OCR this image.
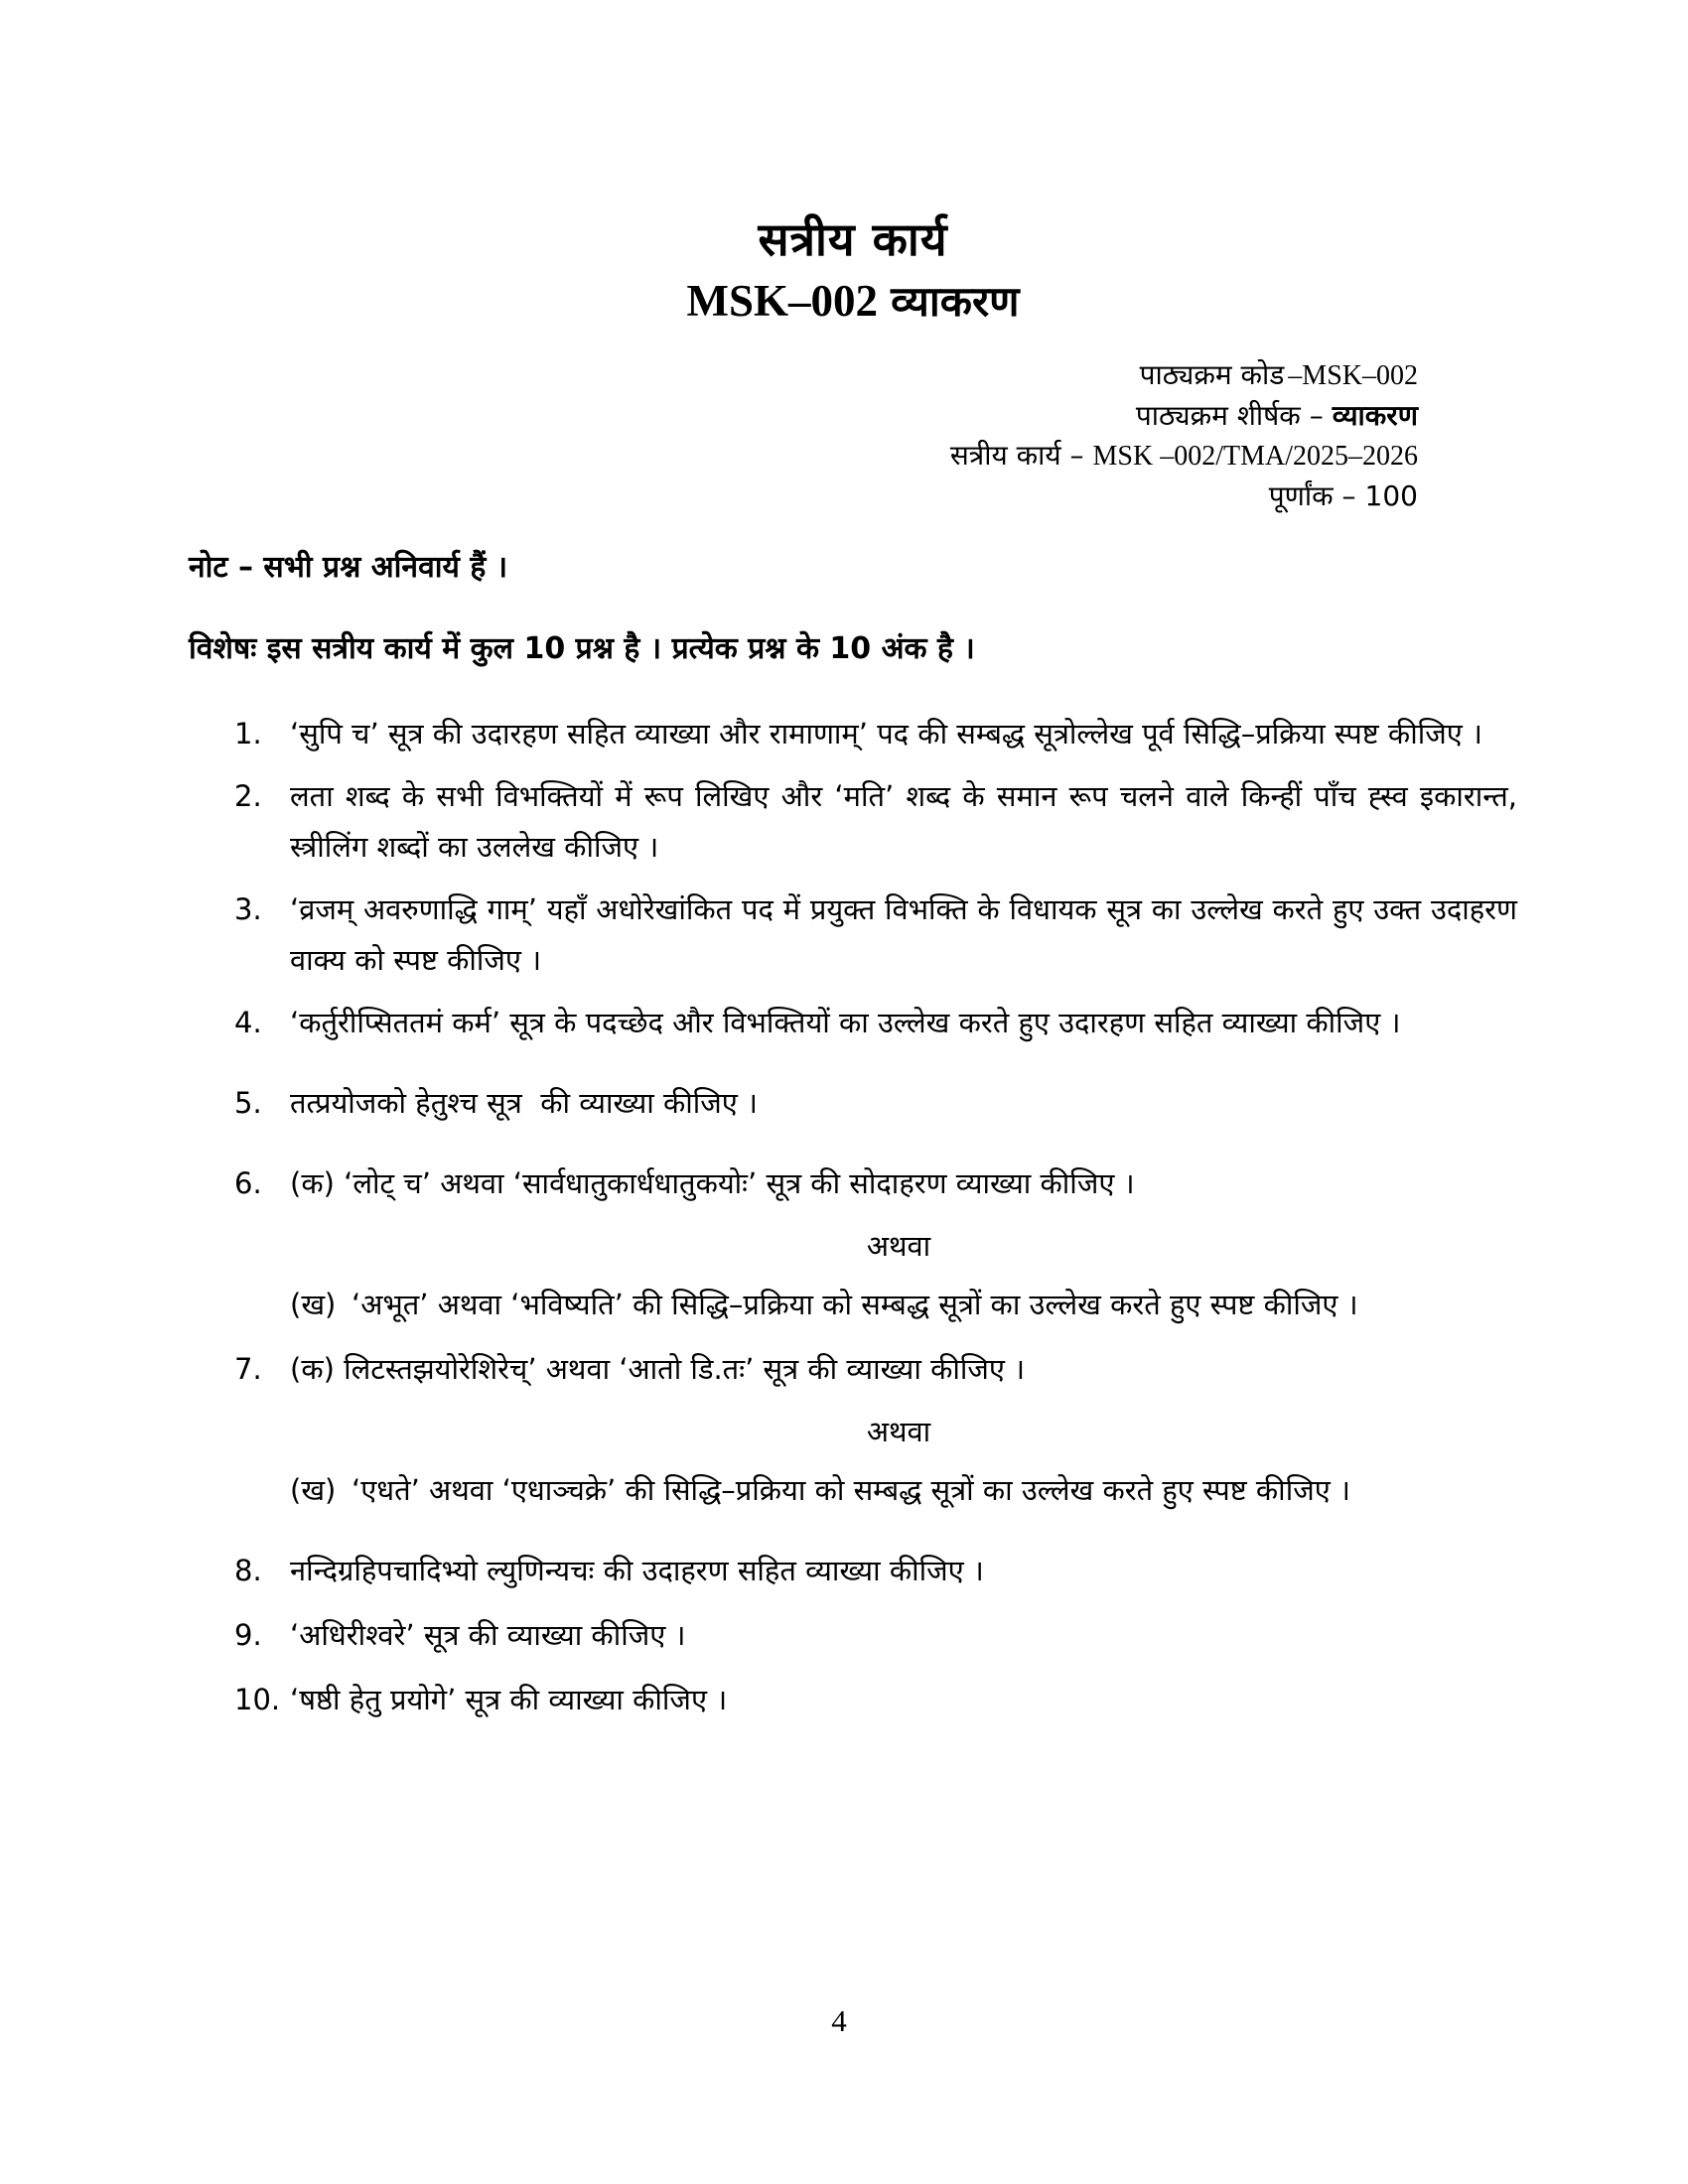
सत्रीय कार्य
MSK–002 व्याकरण
पाठ्यक्रम कोड –MSK–002
पाठ्यक्रम शीर्षक – व्याकरण
सत्रीय कार्य – MSK –002/TMA/2025–2026
पूर्णांक – 100
नोट – सभी प्रश्न अनिवार्य हैं ।
विशेषः इस सत्रीय कार्य में कुल 10 प्रश्न है । प्रत्येक प्रश्न के 10 अंक है ।
1. ‘सुपि च’ सूत्र की उदारहण सहित व्याख्या और रामाणाम्’ पद की सम्बद्ध सूत्रोल्लेख पूर्व सिद्धि–प्रक्रिया स्पष्ट कीजिए ।
2. लता शब्द के सभी विभक्तियों में रूप लिखिए और ‘मति’ शब्द के समान रूप चलने वाले किन्हीं पाँच ह्स्व इकारान्त, स्त्रीलिंग शब्दों का उललेख कीजिए ।
3. ‘व्रजम् अवरुणाद्धि गाम्’ यहाँ अधोरेखांकित पद में प्रयुक्त विभक्ति के विधायक सूत्र का उल्लेख करते हुए उक्त उदाहरण वाक्य को स्पष्ट कीजिए ।
4. ‘कर्तुरीप्सिततमं कर्म’ सूत्र के पदच्छेद और विभक्तियों का उल्लेख करते हुए उदारहण सहित व्याख्या कीजिए ।
5. तत्प्रयोजको हेतुश्च सूत्र  की व्याख्या कीजिए ।
6. (क) ‘लोट् च’ अथवा ‘सार्वधातुकार्धधातुकयोः’ सूत्र की सोदाहरण व्याख्या कीजिए ।
अथवा
(ख) ‘अभूत’ अथवा ‘भविष्यति’ की सिद्धि–प्रक्रिया को सम्बद्ध सूत्रों का उल्लेख करते हुए स्पष्ट कीजिए ।
7. (क) लिटस्तझयोरेशिरेच्’ अथवा ‘आतो डि.तः’ सूत्र की व्याख्या कीजिए ।
अथवा
(ख) ‘एधते’ अथवा ‘एधाञ्चक्रे’ की सिद्धि–प्रक्रिया को सम्बद्ध सूत्रों का उल्लेख करते हुए स्पष्ट कीजिए ।
8. नन्दिग्रहिपचादिभ्यो ल्युणिन्यचः की उदाहरण सहित व्याख्या कीजिए ।
9. ‘अधिरीश्वरे’ सूत्र की व्याख्या कीजिए ।
10. ‘षष्ठी हेतु प्रयोगे’ सूत्र की व्याख्या कीजिए ।
4
